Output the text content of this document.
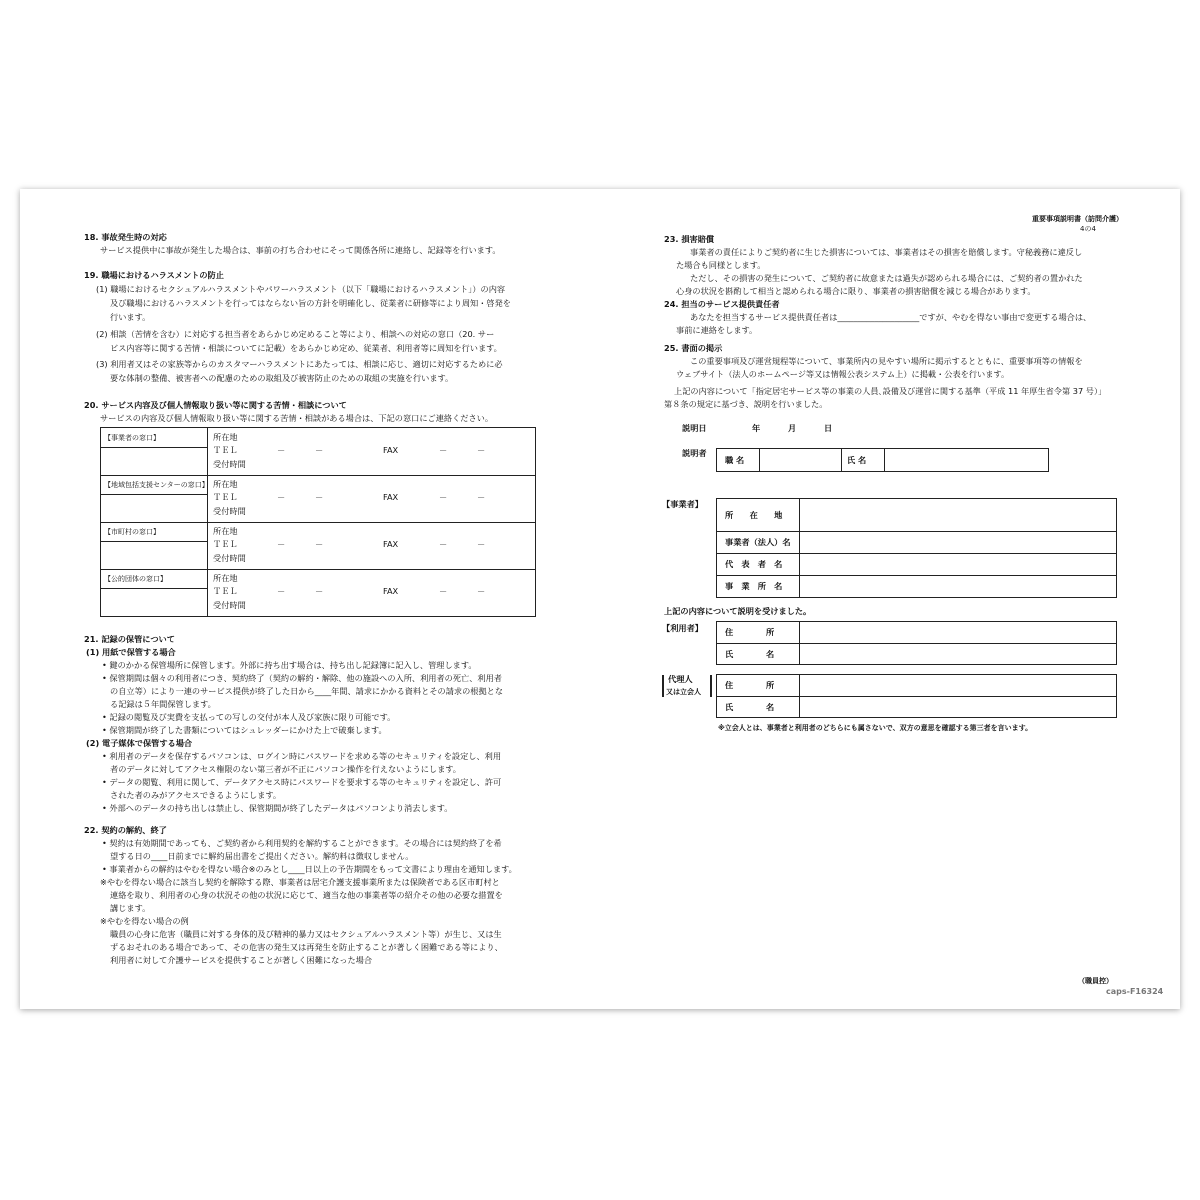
重要事項説明書（訪問介護）
4の4
18. 事故発生時の対応
サービス提供中に事故が発生した場合は、事前の打ち合わせにそって関係各所に連絡し、記録等を行います。
19. 職場におけるハラスメントの防止
(1) 職場におけるセクシュアルハラスメントやパワーハラスメント（以下「職場におけるハラスメント」）の内容
及び職場におけるハラスメントを行ってはならない旨の方針を明確化し、従業者に研修等により周知・啓発を
行います。
(2) 相談（苦情を含む）に対応する担当者をあらかじめ定めること等により、相談への対応の窓口（20. サー
ビス内容等に関する苦情・相談についてに記載）をあらかじめ定め、従業者、利用者等に周知を行います。
(3) 利用者又はその家族等からのカスタマーハラスメントにあたっては、相談に応じ、適切に対応するために必
要な体制の整備、被害者への配慮のための取組及び被害防止のための取組の実施を行います。
20. サービス内容及び個人情報取り扱い等に関する苦情・相談について
サービスの内容及び個人情報取り扱い等に関する苦情・相談がある場合は、下記の窓口にご連絡ください。
【事業者の窓口】	所在地
ＴＥＬ	－	－	FAX	－	－
受付時間
【地域包括支援センターの窓口】 所在地
ＴＥＬ	－	－	FAX	－	－
受付時間
【市町村の窓口】	所在地
ＴＥＬ	－	－	FAX	－	－
受付時間
【公的団体の窓口】	所在地
ＴＥＬ	－	－	FAX	－	－
受付時間
21. 記録の保管について
(1) 用紙で保管する場合
• 鍵のかかる保管場所に保管します。外部に持ち出す場合は、持ち出し記録簿に記入し、管理します。
• 保管期間は個々の利用者につき、契約終了（契約の解約・解除、他の施設への入所、利用者の死亡、利用者
の自立等）により一連のサービス提供が終了した日から____年間、請求にかかる資料とその請求の根拠とな
る記録は５年間保管します。
• 記録の閲覧及び実費を支払っての写しの交付が本人及び家族に限り可能です。
• 保管期間が終了した書類についてはシュレッダーにかけた上で破棄します。
(2) 電子媒体で保管する場合
• 利用者のデータを保存するパソコンは、ログイン時にパスワードを求める等のセキュリティを設定し、利用
者のデータに対してアクセス権限のない第三者が不正にパソコン操作を行えないようにします。
• データの閲覧、利用に関して、データアクセス時にパスワードを要求する等のセキュリティを設定し、許可
された者のみがアクセスできるようにします。
• 外部へのデータの持ち出しは禁止し、保管期間が終了したデータはパソコンより消去します。
22. 契約の解約、終了
• 契約は有効期間であっても、ご契約者から利用契約を解約することができます。その場合には契約終了を希
望する日の____日前までに解約届出書をご提出ください。解約料は徴収しません。
• 事業者からの解約はやむを得ない場合※のみとし____日以上の予告期間をもって文書により理由を通知します。
※やむを得ない場合に該当し契約を解除する際、事業者は居宅介護支援事業所または保険者である区市町村と
連絡を取り、利用者の心身の状況その他の状況に応じて、適当な他の事業者等の紹介その他の必要な措置を
講じます。
※やむを得ない場合の例
職員の心身に危害（職員に対する身体的及び精神的暴力又はセクシュアルハラスメント等）が生じ、又は生
ずるおそれのある場合であって、その危害の発生又は再発生を防止することが著しく困難である等により、
利用者に対して介護サービスを提供することが著しく困難になった場合
23. 損害賠償
事業者の責任によりご契約者に生じた損害については、事業者はその損害を賠償します。守秘義務に違反し
た場合も同様とします。
ただし、その損害の発生について、ご契約者に故意または過失が認められる場合には、ご契約者の置かれた
心身の状況を斟酌して相当と認められる場合に限り、事業者の損害賠償を減じる場合があります。
24. 担当のサービス提供責任者
あなたを担当するサービス提供責任者は____________________ですが、やむを得ない事由で変更する場合は、
事前に連絡をします。
25. 書面の掲示
この重要事項及び運営規程等について、事業所内の見やすい場所に掲示するとともに、重要事項等の情報を
ウェブサイト（法人のホームページ等又は情報公表システム上）に掲載・公表を行います。
上記の内容について「指定居宅サービス等の事業の人員､設備及び運営に関する基準（平成 11 年厚生省令第 37 号）」
第８条の規定に基づき、説明を行いました。
説明日	年	月	日
説明者
職 名	氏 名
【事業者】
所　　在　　地
事業者（法人）名
代　表　者　名
事　業　所　名
上記の内容について説明を受けました。
【利用者】	住　　　　所
氏　　　　名
代理人
又は立会人
住　　　　所
氏　　　　名
※立会人とは、事業者と利用者のどちらにも属さないで、双方の意思を確認する第三者を言います。
（職員控）
caps-F16324
